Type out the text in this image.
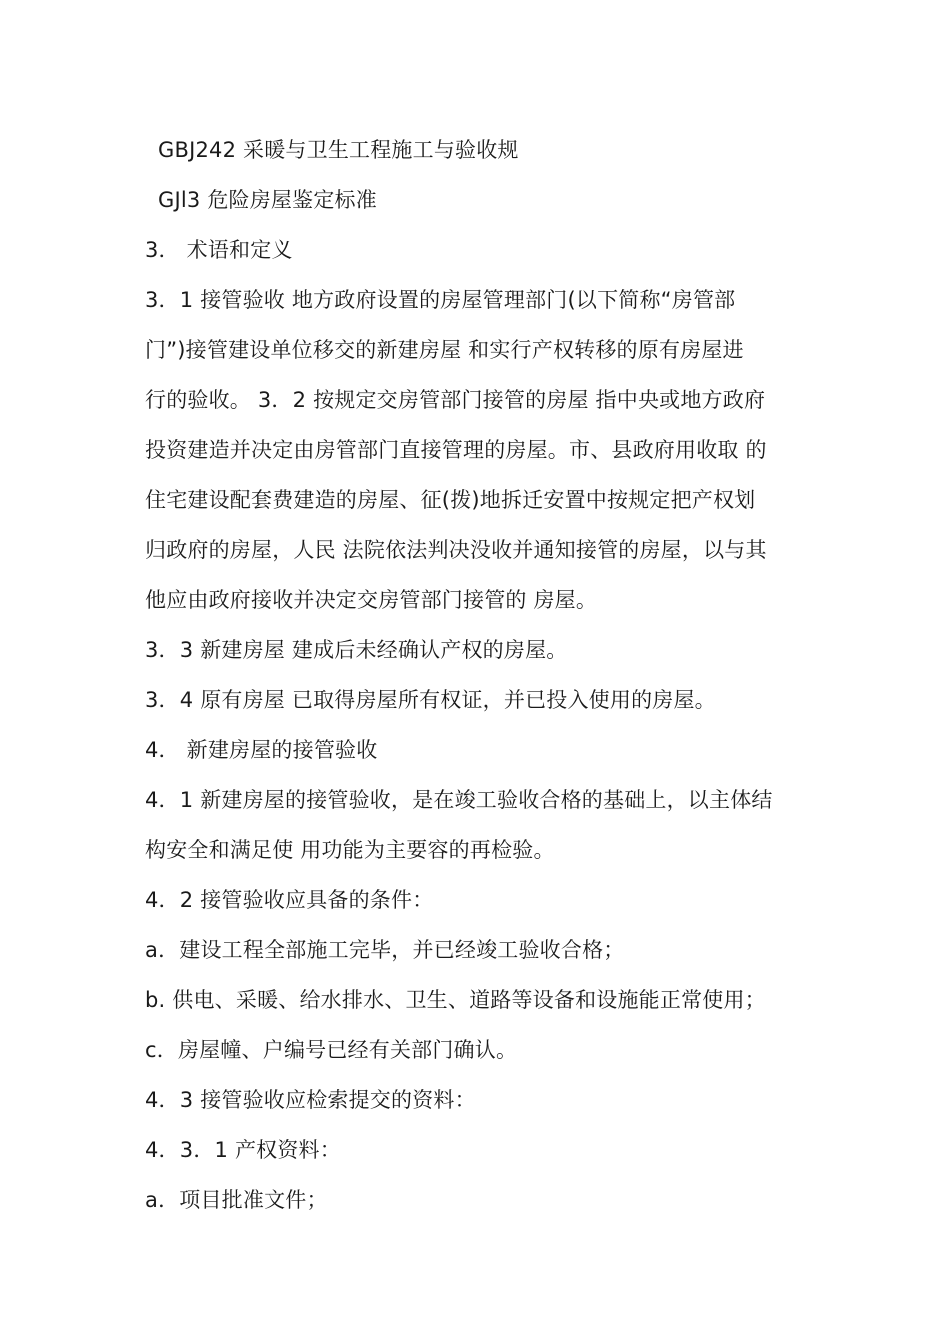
GBJ242 采暖与卫生工程施工与验收规
GJl3 危险房屋鉴定标准
3． 术语和定义
3．1 接管验收 地方政府设置的房屋管理部门(以下简称“房管部
门”)接管建设单位移交的新建房屋 和实行产权转移的原有房屋进
行的验收。 3．2 按规定交房管部门接管的房屋 指中央或地方政府
投资建造并决定由房管部门直接管理的房屋。市、县政府用收取 的
住宅建设配套费建造的房屋、征(拨)地拆迁安置中按规定把产权划
归政府的房屋，人民 法院依法判决没收并通知接管的房屋，以与其
他应由政府接收并决定交房管部门接管的 房屋。
3．3 新建房屋 建成后未经确认产权的房屋。
3．4 原有房屋 已取得房屋所有权证，并已投入使用的房屋。
4． 新建房屋的接管验收
4．1 新建房屋的接管验收，是在竣工验收合格的基础上，以主体结
构安全和满足使 用功能为主要容的再检验。
4．2 接管验收应具备的条件：
a．建设工程全部施工完毕，并已经竣工验收合格；
b. 供电、采暖、给水排水、卫生、道路等设备和设施能正常使用；
c．房屋幢、户编号已经有关部门确认。
4．3 接管验收应检索提交的资料：
4．3．1 产权资料：
a．项目批准文件；
